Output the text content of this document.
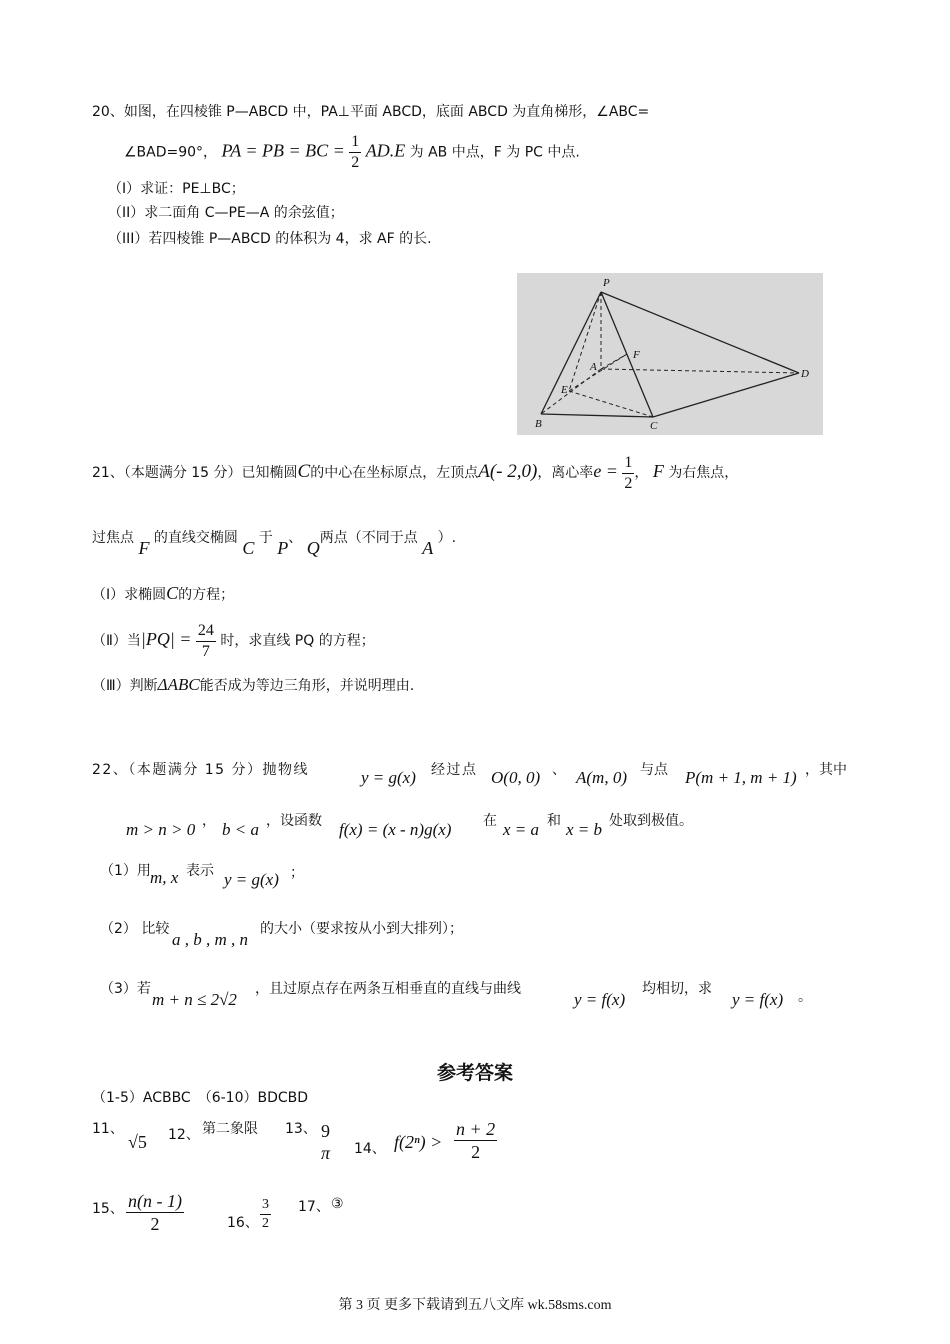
20、如图，在四棱锥 P—ABCD 中，PA⊥平面 ABCD，底面 ABCD 为直角梯形，∠ABC=
∠BAD=90°， PA = PB = BC = $\frac{1}{2} AD.E$ 为 AB 中点，F 为 PC 中点.
（I）求证：PE⊥BC；
（II）求二面角 C—PE—A 的余弦值；
（III）若四棱锥 P—ABCD 的体积为 4，求 AF 的长.
P
A
B	C
D
E
F
21、（本题满分 15 分）已知椭圆C的中心在坐标原点，左顶点A(- 2,0)，离心率$e = \frac{1}{2}$ ， F 为右焦点，
过焦点 F 的直线交椭圆 C 于 P、 Q两点（不同于点 A ）.
（Ⅰ）求椭圆C的方程；
（Ⅱ）当$|PQ| = \frac{24}{7}$ 时，求直线 PQ 的方程；
（Ⅲ）判断ΔABC能否成为等边三角形，并说明理由.
22、（本题满分 15 分）抛物线	y = g(x) 经过点 O(0, 0) 、 A(m, 0) 与点 P(m + 1, m + 1) ，其中
m > n > 0 ， b < a ，设函数 f(x) = (x - n)g(x) 在 x = a 和 x = b 处取到极值。
（1）用 m, x 表示 y = g(x) ；
（2） 比较
a , b , m , n
的大小（要求按从小到大排列）；
（3）若
m + n ≤ 2√2
，且过原点存在两条互相垂直的直线与曲线
y = f(x)
均相切，求
y = f(x) 。
参考答案
（1-5）ACBBC　（6-10）BDCBD
11、
√5 12、 第二象限 13、 9
π 14、 $f(2^n) > \frac{n + 2}{2}$
15、 $\frac{n(n - 1)}{2}$	16、 $\frac{3}{2} 17$、 ③
第 3 页 更多下载请到五八文库 wk.58sms.com
